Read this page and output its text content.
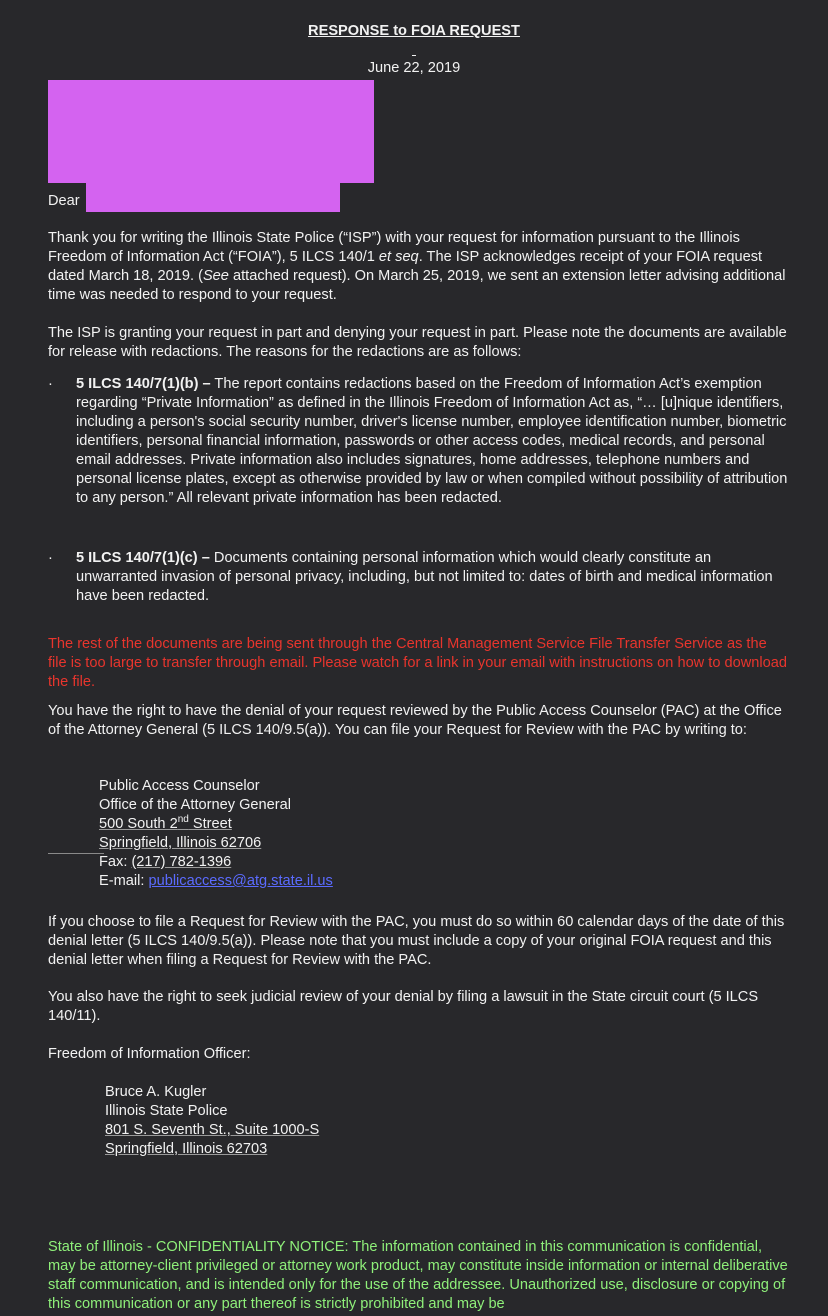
RESPONSE to FOIA REQUEST
June 22, 2019
Dear
Thank you for writing the Illinois State Police (“ISP”) with your request for information pursuant to the Illinois Freedom of Information Act (“FOIA”), 5 ILCS 140/1 et seq. The ISP acknowledges receipt of your FOIA request dated March 18, 2019. (See attached request). On March 25, 2019, we sent an extension letter advising additional time was needed to respond to your request.
The ISP is granting your request in part and denying your request in part. Please note the documents are available for release with redactions. The reasons for the redactions are as follows:
· 5 ILCS 140/7(1)(b) – The report contains redactions based on the Freedom of Information Act’s exemption regarding “Private Information” as defined in the Illinois Freedom of Information Act as, “… [u]nique identifiers, including a person's social security number, driver's license number, employee identification number, biometric identifiers, personal financial information, passwords or other access codes, medical records, and personal email addresses. Private information also includes signatures, home addresses, telephone numbers and personal license plates, except as otherwise provided by law or when compiled without possibility of attribution to any person.” All relevant private information has been redacted.
· 5 ILCS 140/7(1)(c) – Documents containing personal information which would clearly constitute an unwarranted invasion of personal privacy, including, but not limited to: dates of birth and medical information have been redacted.
The rest of the documents are being sent through the Central Management Service File Transfer Service as the file is too large to transfer through email. Please watch for a link in your email with instructions on how to download the file.
You have the right to have the denial of your request reviewed by the Public Access Counselor (PAC) at the Office of the Attorney General (5 ILCS 140/9.5(a)). You can file your Request for Review with the PAC by writing to:
Public Access Counselor
Office of the Attorney General
500 South 2nd Street
Springfield, Illinois 62706
Fax: (217) 782-1396
E-mail: publicaccess@atg.state.il.us
If you choose to file a Request for Review with the PAC, you must do so within 60 calendar days of the date of this denial letter (5 ILCS 140/9.5(a)). Please note that you must include a copy of your original FOIA request and this denial letter when filing a Request for Review with the PAC.
You also have the right to seek judicial review of your denial by filing a lawsuit in the State circuit court (5 ILCS 140/11).
Freedom of Information Officer:
Bruce A. Kugler
Illinois State Police
801 S. Seventh St., Suite 1000-S
Springfield, Illinois 62703
State of Illinois - CONFIDENTIALITY NOTICE: The information contained in this communication is confidential, may be attorney-client privileged or attorney work product, may constitute inside information or internal deliberative staff communication, and is intended only for the use of the addressee. Unauthorized use, disclosure or copying of this communication or any part thereof is strictly prohibited and may be
